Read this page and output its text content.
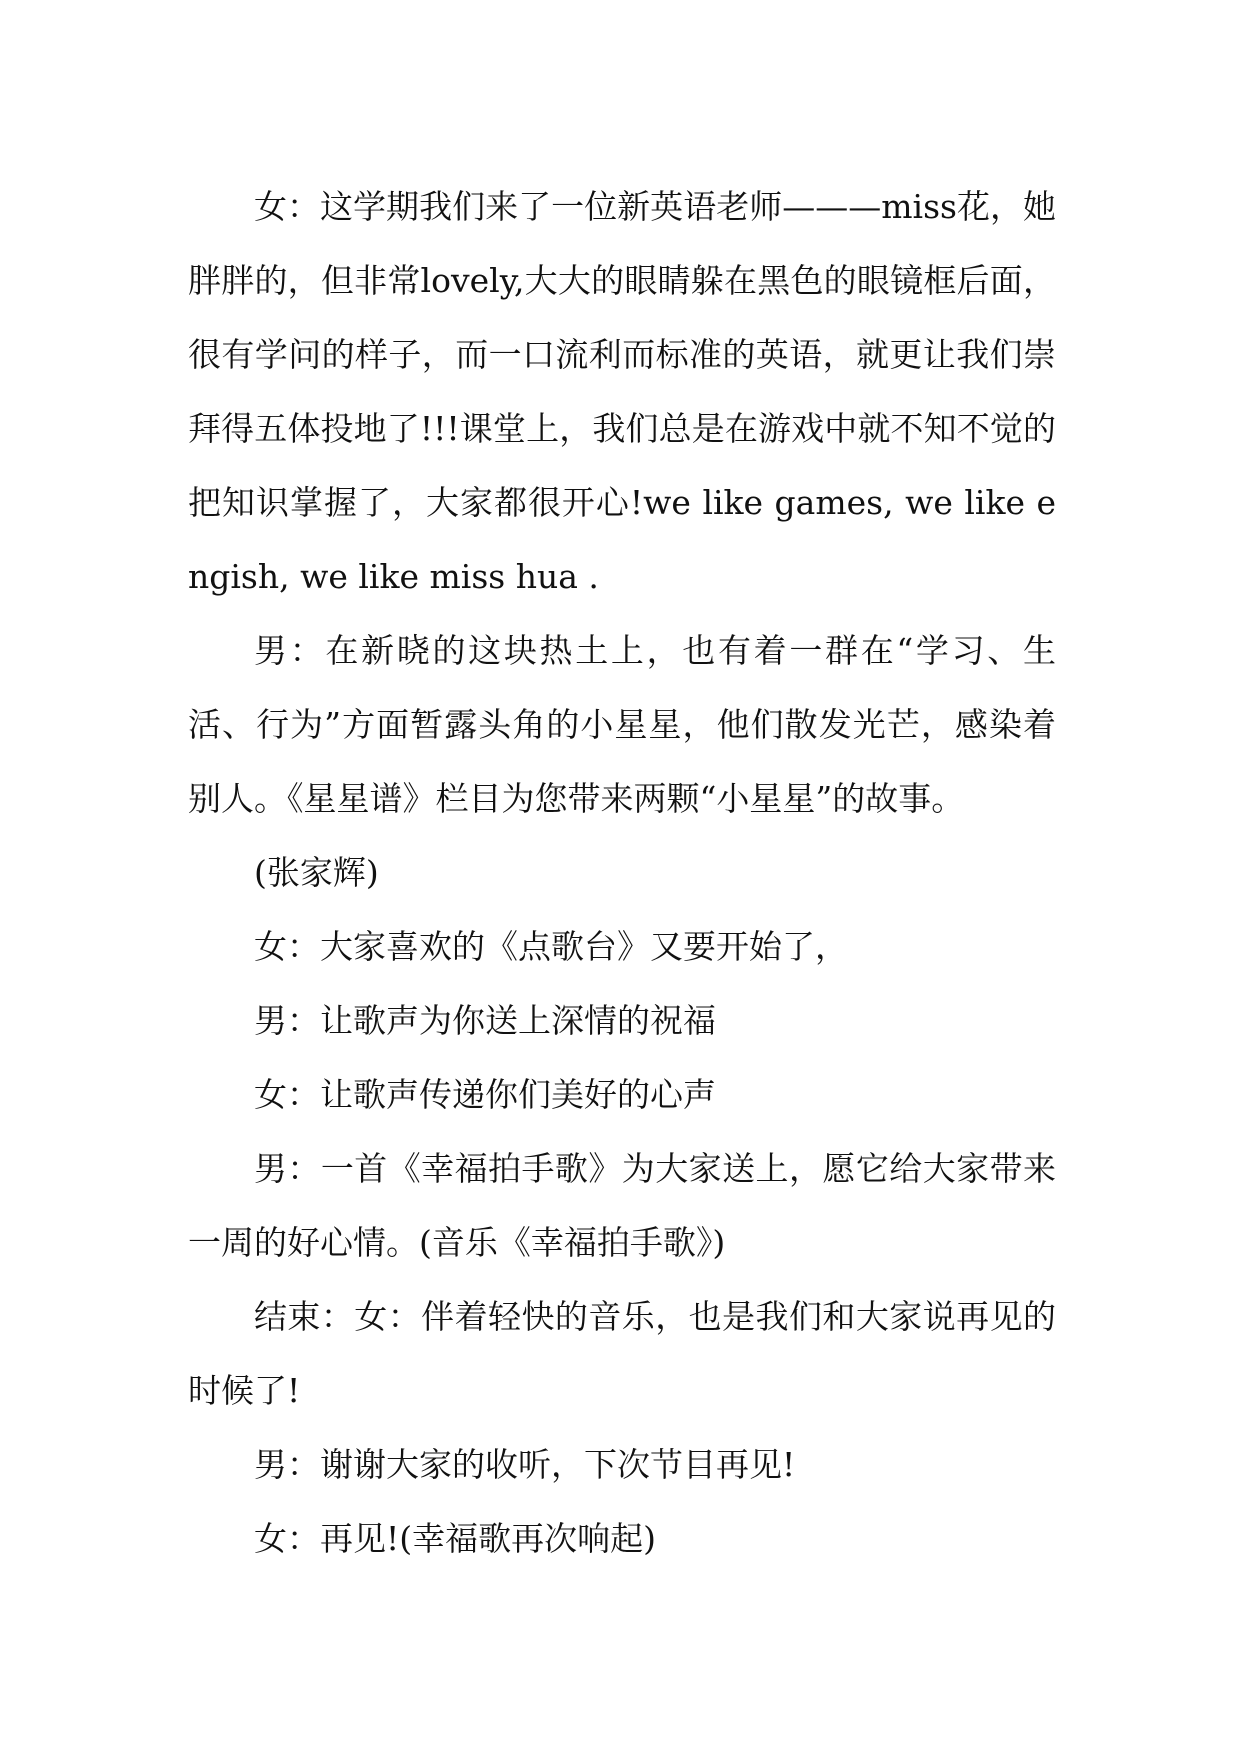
女：这学期我们来了一位新英语老师———miss花，她胖胖的，但非常lovely,大大的眼睛躲在黑色的眼镜框后面，很有学问的样子，而一口流利而标准的英语，就更让我们崇拜得五体投地了!!!课堂上，我们总是在游戏中就不知不觉的把知识掌握了，大家都很开心!we like games, we like engish, we like miss hua .

男：在新晓的这块热土上，也有着一群在“学习、生活、行为”方面暂露头角的小星星，他们散发光芒，感染着别人。《星星谱》栏目为您带来两颗“小星星”的故事。

(张家辉)

女：大家喜欢的《点歌台》又要开始了，

男：让歌声为你送上深情的祝福

女：让歌声传递你们美好的心声

男：一首《幸福拍手歌》为大家送上，愿它给大家带来一周的好心情。(音乐《幸福拍手歌》)

结束：女：伴着轻快的音乐，也是我们和大家说再见的时候了!

男：谢谢大家的收听，下次节目再见!

女：再见!(幸福歌再次响起)
